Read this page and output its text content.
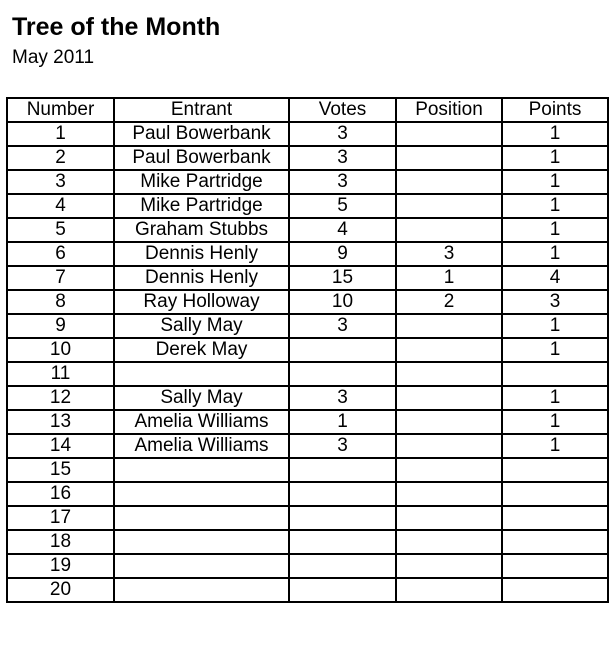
Tree of the Month
May 2011
Number	Entrant	Votes	Position	Points
1	Paul Bowerbank	3		1
2	Paul Bowerbank	3		1
3	Mike Partridge	3		1
4	Mike Partridge	5		1
5	Graham Stubbs	4		1
6	Dennis Henly	9	3	1
7	Dennis Henly	15	1	4
8	Ray Holloway	10	2	3
9	Sally May	3		1
10	Derek May			1
11				
12	Sally May	3		1
13	Amelia Williams	1		1
14	Amelia Williams	3		1
15				
16				
17				
18				
19				
20				
